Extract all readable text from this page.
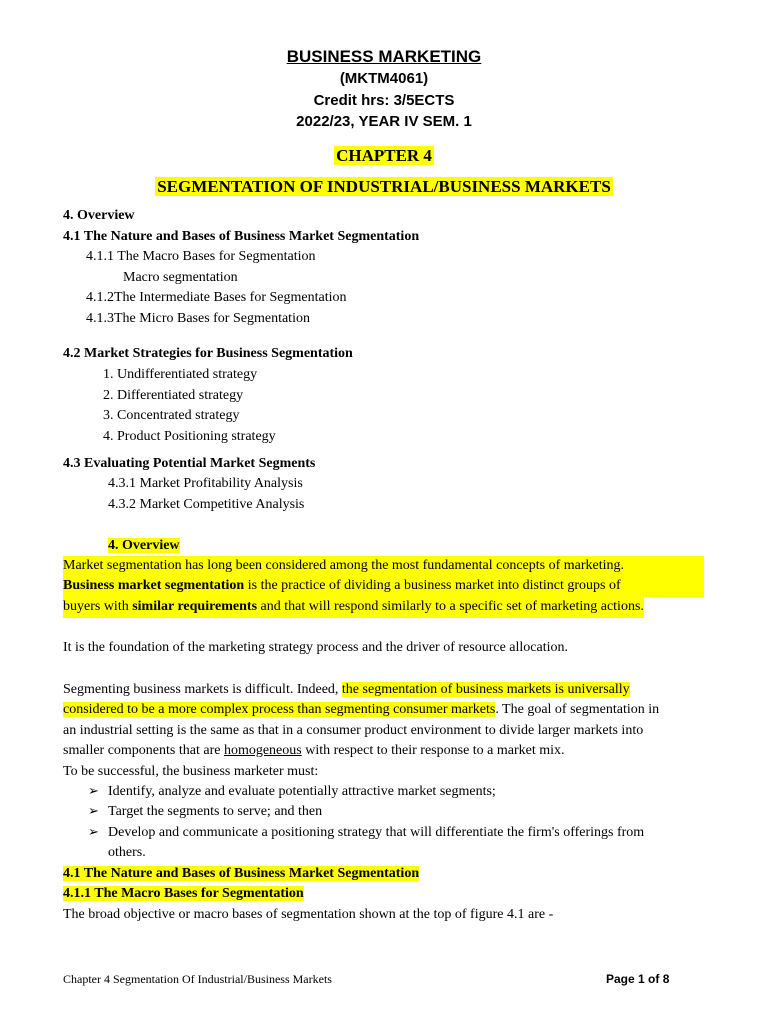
BUSINESS MARKETING
(MKTM4061)
Credit hrs: 3/5ECTS
2022/23, YEAR IV SEM. 1
CHAPTER 4
SEGMENTATION OF INDUSTRIAL/BUSINESS MARKETS
4. Overview
4.1 The Nature and Bases of Business Market Segmentation
4.1.1 The Macro Bases for Segmentation
Macro segmentation
4.1.2The Intermediate Bases for Segmentation
4.1.3The Micro Bases for Segmentation
4.2 Market Strategies for Business Segmentation
1. Undifferentiated strategy
2. Differentiated strategy
3. Concentrated strategy
4. Product Positioning strategy
4.3 Evaluating Potential Market Segments
4.3.1 Market Profitability Analysis
4.3.2 Market Competitive Analysis
4. Overview
Market segmentation has long been considered among the most fundamental concepts of marketing.
Business market segmentation is the practice of dividing a business market into distinct groups of
buyers with similar requirements and that will respond similarly to a specific set of marketing actions.
It is the foundation of the marketing strategy process and the driver of resource allocation.
Segmenting business markets is difficult. Indeed, the segmentation of business markets is universally
considered to be a more complex process than segmenting consumer markets. The goal of segmentation in
an industrial setting is the same as that in a consumer product environment to divide larger markets into
smaller components that are homogeneous with respect to their response to a market mix.
To be successful, the business marketer must:
➢ Identify, analyze and evaluate potentially attractive market segments;
➢ Target the segments to serve; and then
➢ Develop and communicate a positioning strategy that will differentiate the firm's offerings from
others.
4.1 The Nature and Bases of Business Market Segmentation
4.1.1 The Macro Bases for Segmentation
The broad objective or macro bases of segmentation shown at the top of figure 4.1 are -
Chapter 4 Segmentation Of Industrial/Business Markets	Page 1 of 8
